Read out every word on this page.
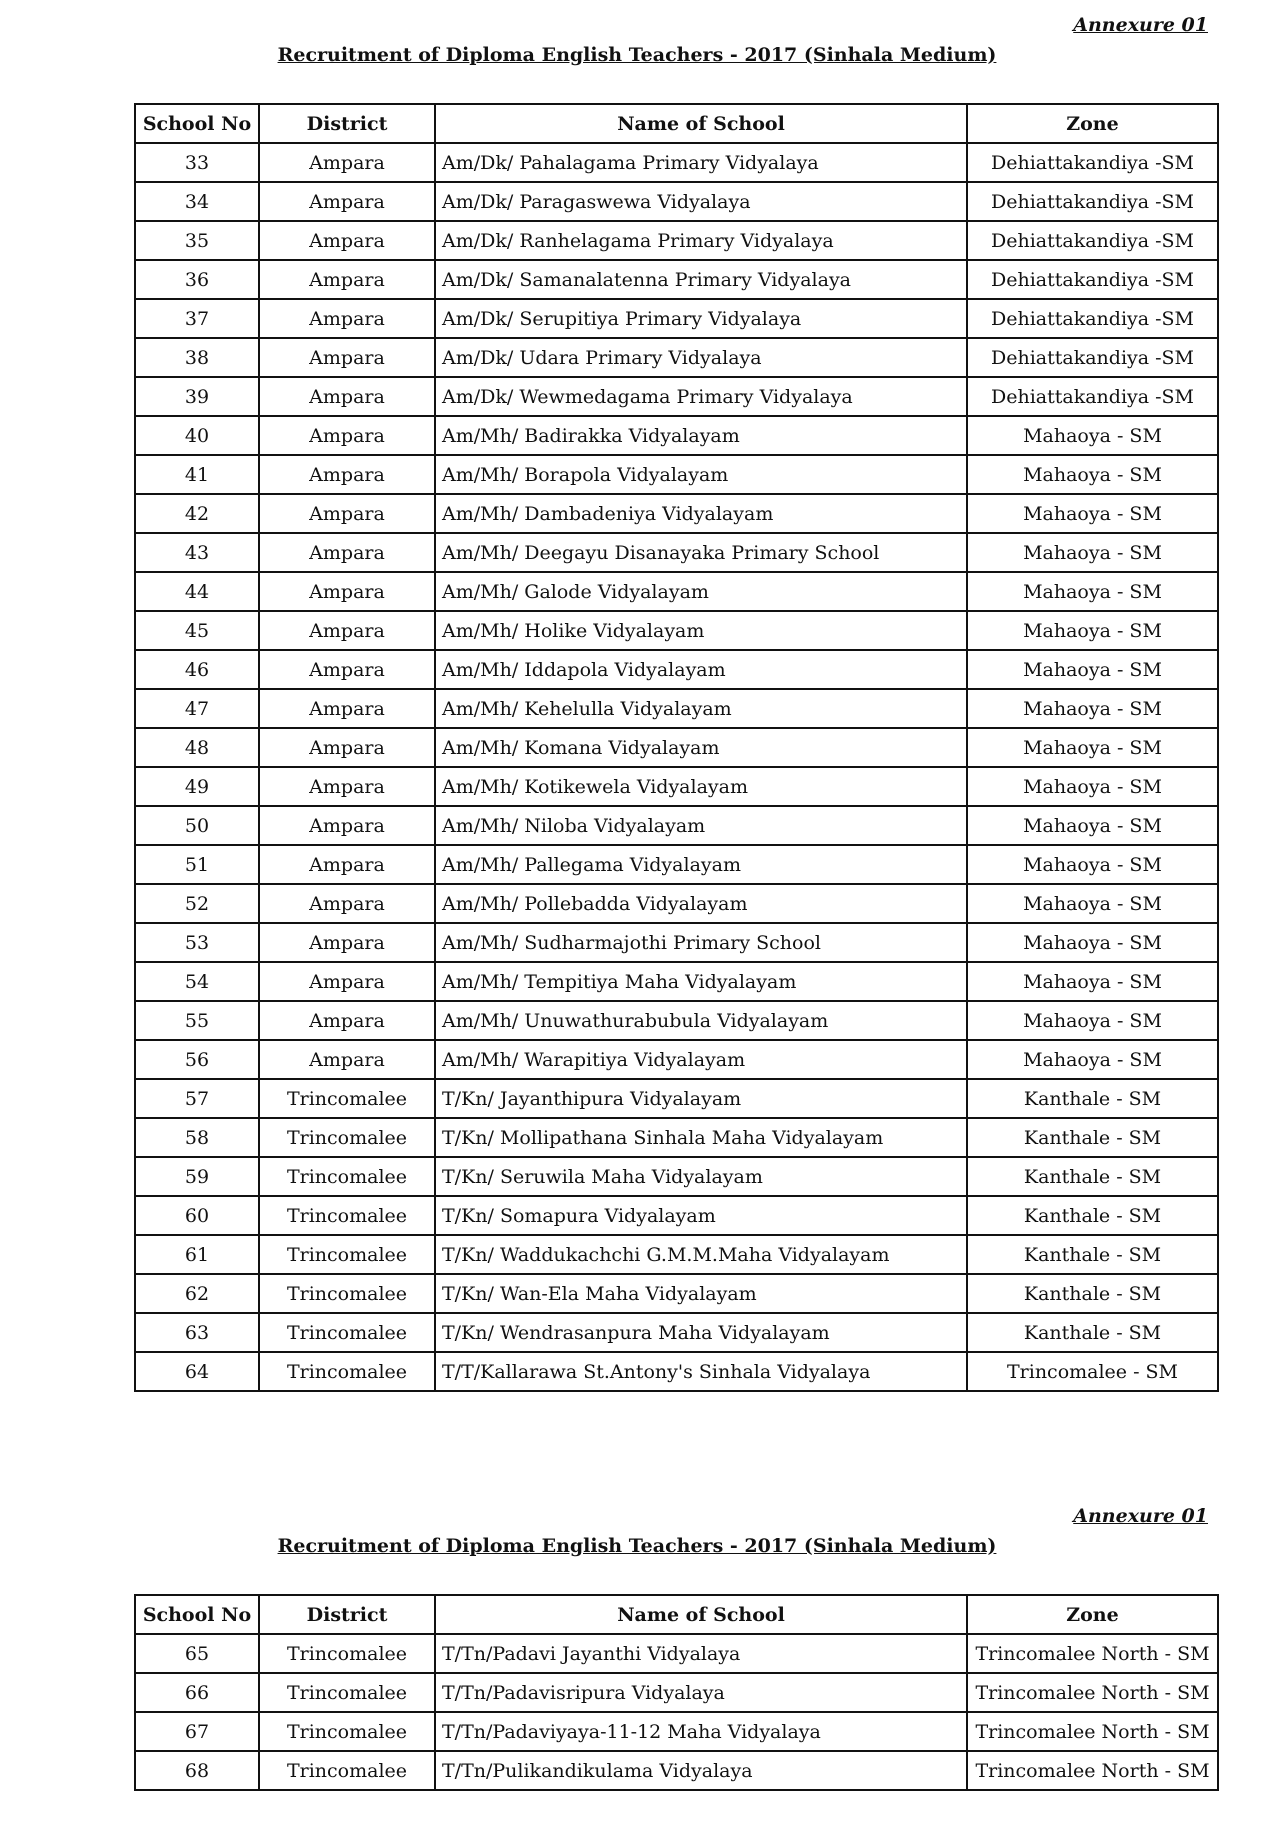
Annexure 01
Recruitment of Diploma English Teachers - 2017 (Sinhala Medium)
School No	District	Name of School	Zone
33	Ampara	Am/Dk/ Pahalagama Primary Vidyalaya	Dehiattakandiya -SM
34	Ampara	Am/Dk/ Paragaswewa Vidyalaya	Dehiattakandiya -SM
35	Ampara	Am/Dk/ Ranhelagama Primary Vidyalaya	Dehiattakandiya -SM
36	Ampara	Am/Dk/ Samanalatenna Primary Vidyalaya	Dehiattakandiya -SM
37	Ampara	Am/Dk/ Serupitiya Primary Vidyalaya	Dehiattakandiya -SM
38	Ampara	Am/Dk/ Udara Primary Vidyalaya	Dehiattakandiya -SM
39	Ampara	Am/Dk/ Wewmedagama Primary Vidyalaya	Dehiattakandiya -SM
40	Ampara	Am/Mh/ Badirakka Vidyalayam	Mahaoya - SM
41	Ampara	Am/Mh/ Borapola Vidyalayam	Mahaoya - SM
42	Ampara	Am/Mh/ Dambadeniya Vidyalayam	Mahaoya - SM
43	Ampara	Am/Mh/ Deegayu Disanayaka Primary School	Mahaoya - SM
44	Ampara	Am/Mh/ Galode Vidyalayam	Mahaoya - SM
45	Ampara	Am/Mh/ Holike Vidyalayam	Mahaoya - SM
46	Ampara	Am/Mh/ Iddapola Vidyalayam	Mahaoya - SM
47	Ampara	Am/Mh/ Kehelulla Vidyalayam	Mahaoya - SM
48	Ampara	Am/Mh/ Komana Vidyalayam	Mahaoya - SM
49	Ampara	Am/Mh/ Kotikewela Vidyalayam	Mahaoya - SM
50	Ampara	Am/Mh/ Niloba Vidyalayam	Mahaoya - SM
51	Ampara	Am/Mh/ Pallegama Vidyalayam	Mahaoya - SM
52	Ampara	Am/Mh/ Pollebadda Vidyalayam	Mahaoya - SM
53	Ampara	Am/Mh/ Sudharmajothi Primary School	Mahaoya - SM
54	Ampara	Am/Mh/ Tempitiya Maha Vidyalayam	Mahaoya - SM
55	Ampara	Am/Mh/ Unuwathurabubula Vidyalayam	Mahaoya - SM
56	Ampara	Am/Mh/ Warapitiya Vidyalayam	Mahaoya - SM
57	Trincomalee	T/Kn/ Jayanthipura Vidyalayam	Kanthale - SM
58	Trincomalee	T/Kn/ Mollipathana Sinhala Maha Vidyalayam	Kanthale - SM
59	Trincomalee	T/Kn/ Seruwila Maha Vidyalayam	Kanthale - SM
60	Trincomalee	T/Kn/ Somapura Vidyalayam	Kanthale - SM
61	Trincomalee	T/Kn/ Waddukachchi G.M.M.Maha Vidyalayam	Kanthale - SM
62	Trincomalee	T/Kn/ Wan-Ela Maha Vidyalayam	Kanthale - SM
63	Trincomalee	T/Kn/ Wendrasanpura Maha Vidyalayam	Kanthale - SM
64	Trincomalee	T/T/Kallarawa St.Antony's Sinhala Vidyalaya	Trincomalee - SM
Annexure 01
Recruitment of Diploma English Teachers - 2017 (Sinhala Medium)
School No	District	Name of School	Zone
65	Trincomalee	T/Tn/Padavi Jayanthi Vidyalaya	Trincomalee North - SM
66	Trincomalee	T/Tn/Padavisripura Vidyalaya	Trincomalee North - SM
67	Trincomalee	T/Tn/Padaviyaya-11-12 Maha Vidyalaya	Trincomalee North - SM
68	Trincomalee	T/Tn/Pulikandikulama Vidyalaya	Trincomalee North - SM
